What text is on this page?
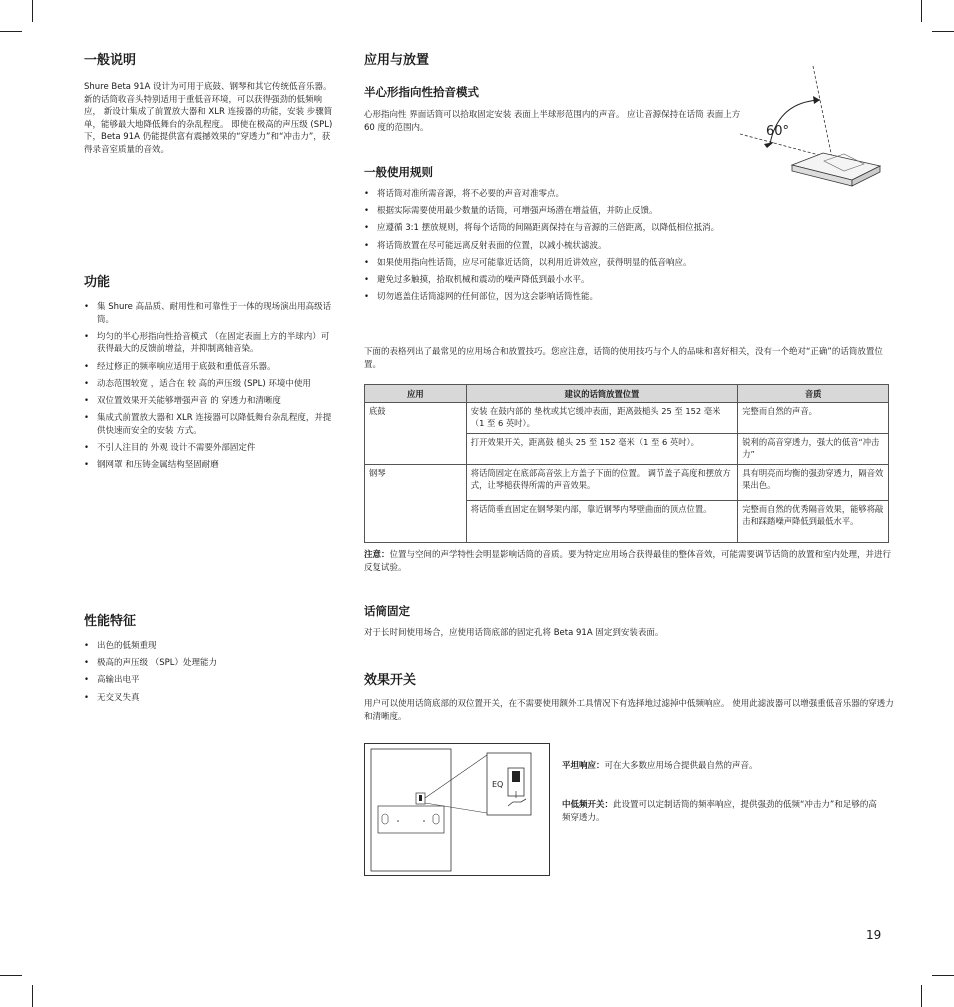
一般说明

Shure Beta 91A 设计为可用于底鼓、钢琴和其它传统低音乐器。 新的话筒收音头特别适用于重低音环境，可以获得强劲的低频响应， 新设计集成了前置放大器和 XLR 连接器的功能，安装 步骤简单，能够最大地降低舞台的杂乱程度。 即使在极高的声压级 (SPL) 下，Beta 91A 仍能提供富有震撼效果的“穿透力”和“冲击力”，获得录音室质量的音效。

功能
• 集 Shure 高品质、耐用性和可靠性于一体的现场演出用高级话筒。
• 均匀的半心形指向性拾音模式 （在固定表面上方的半球内）可获得最大的反馈前增益，并抑制离轴音染。
• 经过修正的频率响应适用于底鼓和重低音乐器。
• 动态范围较宽 ，适合在 较 高的声压级 (SPL) 环境中使用
• 双位置效果开关能够增强声音 的 穿透力和清晰度
• 集成式前置放大器和 XLR 连接器可以降低舞台杂乱程度，并提供快速而安全的安装 方式。
• 不引人注目的 外观 设计不需要外部固定件
• 钢网罩 和压铸金属结构坚固耐磨
性能特征
• 出色的低频重现
• 极高的声压级 （SPL）处理能力
• 高输出电平
• 无交叉失真
应用与放置
半心形指向性拾音模式

心形指向性 界面话筒可以拾取固定安装 表面上半球形范围内的声音。 应让音源保持在话筒 表面上方 60 度的范围内。	60°
一般使用规则
• 将话筒对准所需音源，将不必要的声音对准零点。
• 根据实际需要使用最少数量的话筒，可增强声场潜在增益值，并防止反馈。
• 应遵循 3:1 摆放规则，将每个话筒的间隔距离保持在与音源的三倍距离，以降低相位抵消。
• 将话筒放置在尽可能远离反射表面的位置，以减小梳状滤波。
• 如果使用指向性话筒，应尽可能靠近话筒，以利用近讲效应，获得明显的低音响应。
• 避免过多触摸，拾取机械和震动的噪声降低到最小水平。
• 切勿遮盖住话筒滤网的任何部位，因为这会影响话筒性能。

下面的表格列出了最常见的应用场合和放置技巧。您应注意，话筒的使用技巧与个人的品味和喜好相关，没有一个绝对“正确”的话筒放置位置。

应用	建议的话筒放置位置	音质
底鼓	安装 在鼓内部的 垫枕或其它缓冲表面，距离鼓槌头 25 至 152 毫米（1 至 6 英吋）。	完整而自然的声音。
	打开效果开关，距离鼓 槌头 25 至 152 毫米（1 至 6 英吋）。	锐利的高音穿透力，强大的低音“冲击力”
钢琴	将话筒固定在底部高音弦上方盖子下面的位置。 调节盖子高度和摆放方式，让琴槌获得所需的声音效果。	具有明亮而均衡的强劲穿透力，隔音效果出色。
	将话筒垂直固定在钢琴架内部，靠近钢琴内琴壁曲面的顶点位置。	完整而自然的优秀隔音效果，能够将敲击和踩踏噪声降低到最低水平。

注意：位置与空间的声学特性会明显影响话筒的音质。要为特定应用场合获得最佳的整体音效，可能需要调节话筒的放置和室内处理，并进行反复试验。

话筒固定

对于长时间使用场合，应使用话筒底部的固定孔将 Beta 91A 固定到安装表面。

效果开关

用户可以使用话筒底部的双位置开关，在不需要使用额外工具情况下有选择地过滤掉中低频响应。 使用此滤波器可以增强重低音乐器的穿透力和清晰度。

EQ

平坦响应：可在大多数应用场合提供最自然的声音。

中低频开关：此设置可以定制话筒的频率响应，提供强劲的低频“冲击力”和足够的高频穿透力。

19
